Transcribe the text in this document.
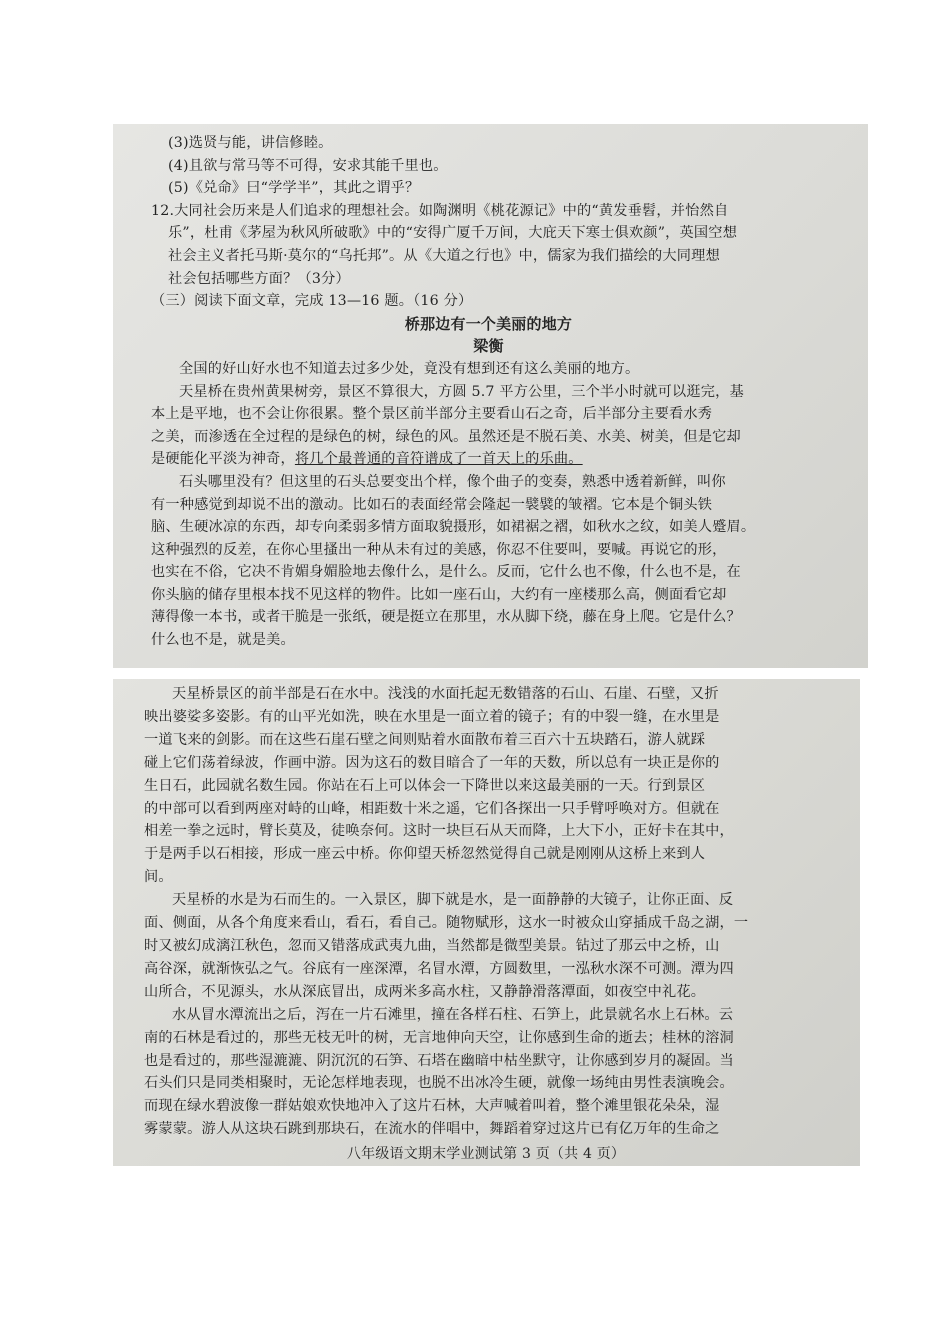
(3)选贤与能，讲信修睦。
(4)且欲与常马等不可得，安求其能千里也。
(5)《兑命》曰“学学半”，其此之谓乎？
12.大同社会历来是人们追求的理想社会。如陶渊明《桃花源记》中的“黄发垂髫，并怡然自
乐”，杜甫《茅屋为秋风所破歌》中的“安得广厦千万间，大庇天下寒士俱欢颜”，英国空想
社会主义者托马斯·莫尔的“乌托邦”。从《大道之行也》中，儒家为我们描绘的大同理想
社会包括哪些方面？（3分）
（三）阅读下面文章，完成 13—16 题。（16 分）
桥那边有一个美丽的地方
梁衡
全国的好山好水也不知道去过多少处，竟没有想到还有这么美丽的地方。
天星桥在贵州黄果树旁，景区不算很大，方圆 5.7 平方公里，三个半小时就可以逛完，基
本上是平地，也不会让你很累。整个景区前半部分主要看山石之奇，后半部分主要看水秀
之美，而渗透在全过程的是绿色的树，绿色的风。虽然还是不脱石美、水美、树美，但是它却
是硬能化平淡为神奇，将几个最普通的音符谱成了一首天上的乐曲。
石头哪里没有？但这里的石头总要变出个样，像个曲子的变奏，熟悉中透着新鲜，叫你
有一种感觉到却说不出的激动。比如石的表面经常会隆起一襞襞的皱褶。它本是个铜头铁
脑、生硬冰凉的东西，却专向柔弱多情方面取貌摄形，如裙裾之褶，如秋水之纹，如美人蹙眉。
这种强烈的反差，在你心里搔出一种从未有过的美感，你忍不住要叫，要喊。再说它的形，
也实在不俗，它决不肯媚身媚脸地去像什么，是什么。反而，它什么也不像，什么也不是，在
你头脑的储存里根本找不见这样的物件。比如一座石山，大约有一座楼那么高，侧面看它却
薄得像一本书，或者干脆是一张纸，硬是挺立在那里，水从脚下绕，藤在身上爬。它是什么？
什么也不是，就是美。
天星桥景区的前半部是石在水中。浅浅的水面托起无数错落的石山、石崖、石壁，又折
映出婆娑多姿影。有的山平光如洗，映在水里是一面立着的镜子；有的中裂一缝，在水里是
一道飞来的剑影。而在这些石崖石壁之间则贴着水面散布着三百六十五块踏石，游人就踩
碰上它们荡着绿波，作画中游。因为这石的数目暗合了一年的天数，所以总有一块正是你的
生日石，此园就名数生园。你站在石上可以体会一下降世以来这最美丽的一天。行到景区
的中部可以看到两座对峙的山峰，相距数十米之遥，它们各探出一只手臂呼唤对方。但就在
相差一拳之远时，臂长莫及，徒唤奈何。这时一块巨石从天而降，上大下小，正好卡在其中，
于是两手以石相接，形成一座云中桥。你仰望天桥忽然觉得自己就是刚刚从这桥上来到人
间。
天星桥的水是为石而生的。一入景区，脚下就是水，是一面静静的大镜子，让你正面、反
面、侧面，从各个角度来看山，看石，看自己。随物赋形，这水一时被众山穿插成千岛之湖，一
时又被幻成漓江秋色，忽而又错落成武夷九曲，当然都是微型美景。钻过了那云中之桥，山
高谷深，就渐恢弘之气。谷底有一座深潭，名冒水潭，方圆数里，一泓秋水深不可测。潭为四
山所合，不见源头，水从深底冒出，成两米多高水柱，又静静滑落潭面，如夜空中礼花。
水从冒水潭流出之后，泻在一片石滩里，撞在各样石柱、石笋上，此景就名水上石林。云
南的石林是看过的，那些无枝无叶的树，无言地伸向天空，让你感到生命的逝去；桂林的溶洞
也是看过的，那些湿漉漉、阴沉沉的石笋、石塔在幽暗中枯坐默守，让你感到岁月的凝固。当
石头们只是同类相聚时，无论怎样地表现，也脱不出冰冷生硬，就像一场纯由男性表演晚会。
而现在绿水碧波像一群姑娘欢快地冲入了这片石林，大声喊着叫着，整个滩里银花朵朵，湿
雾蒙蒙。游人从这块石跳到那块石，在流水的伴唱中，舞蹈着穿过这片已有亿万年的生命之
八年级语文期末学业测试第 3 页（共 4 页）
